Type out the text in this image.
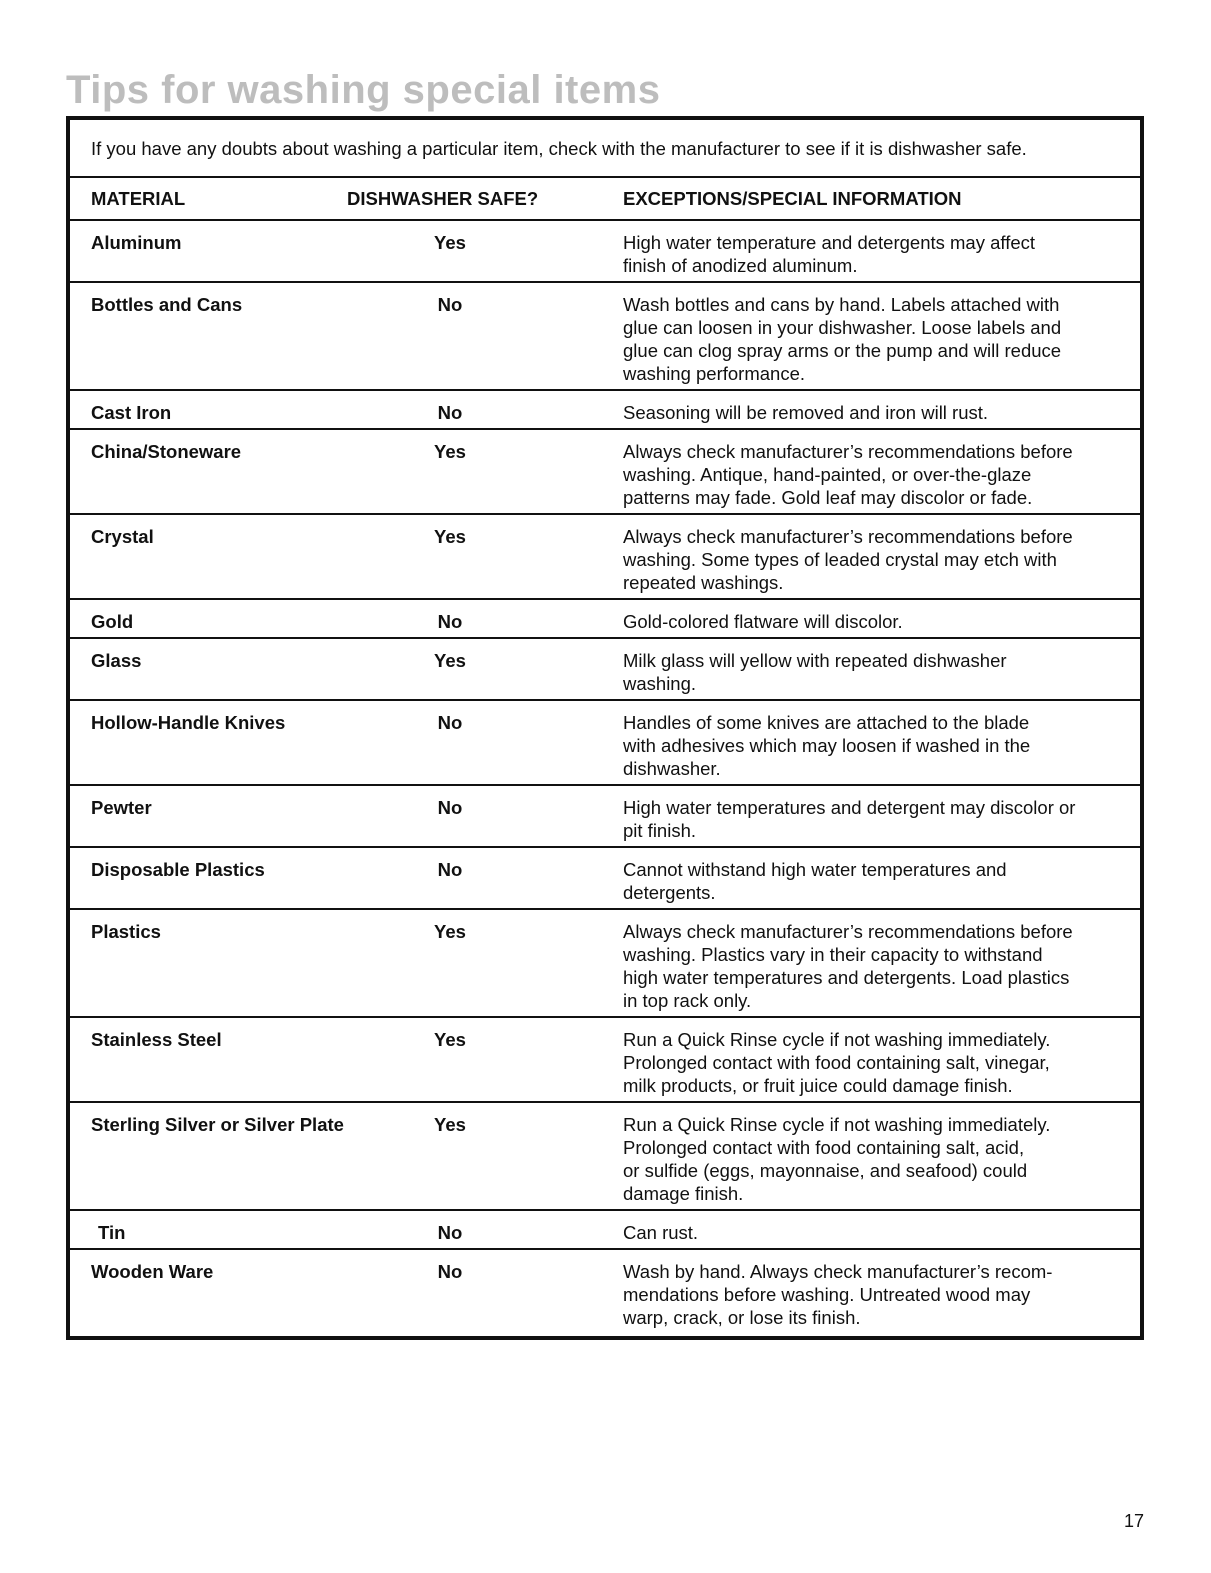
Tips for washing special items
If you have any doubts about washing a particular item, check with the manufacturer to see if it is dishwasher safe.
MATERIAL	DISHWASHER SAFE?	EXCEPTIONS/SPECIAL INFORMATION
Aluminum	Yes	High water temperature and detergents may affect
finish of anodized aluminum.
Bottles and Cans	No	Wash bottles and cans by hand. Labels attached with
glue can loosen in your dishwasher. Loose labels and
glue can clog spray arms or the pump and will reduce
washing performance.
Cast Iron	No	Seasoning will be removed and iron will rust.
China/Stoneware	Yes	Always check manufacturer’s recommendations before
washing. Antique, hand-painted, or over-the-glaze
patterns may fade. Gold leaf may discolor or fade.
Crystal	Yes	Always check manufacturer’s recommendations before
washing. Some types of leaded crystal may etch with
repeated washings.
Gold	No	Gold-colored flatware will discolor.
Glass	Yes	Milk glass will yellow with repeated dishwasher
washing.
Hollow-Handle Knives	No	Handles of some knives are attached to the blade
with adhesives which may loosen if washed in the
dishwasher.
Pewter	No	High water temperatures and detergent may discolor or
pit finish.
Disposable Plastics	No	Cannot withstand high water temperatures and
detergents.
Plastics	Yes	Always check manufacturer’s recommendations before
washing. Plastics vary in their capacity to withstand
high water temperatures and detergents. Load plastics
in top rack only.
Stainless Steel	Yes	Run a Quick Rinse cycle if not washing immediately.
Prolonged contact with food containing salt, vinegar,
milk products, or fruit juice could damage finish.
Sterling Silver or Silver Plate	Yes	Run a Quick Rinse cycle if not washing immediately.
Prolonged contact with food containing salt, acid,
or sulfide (eggs, mayonnaise, and seafood) could
damage finish.
Tin	No	Can rust.
Wooden Ware	No	Wash by hand. Always check manufacturer’s recom-
mendations before washing. Untreated wood may
warp, crack, or lose its finish.
17
